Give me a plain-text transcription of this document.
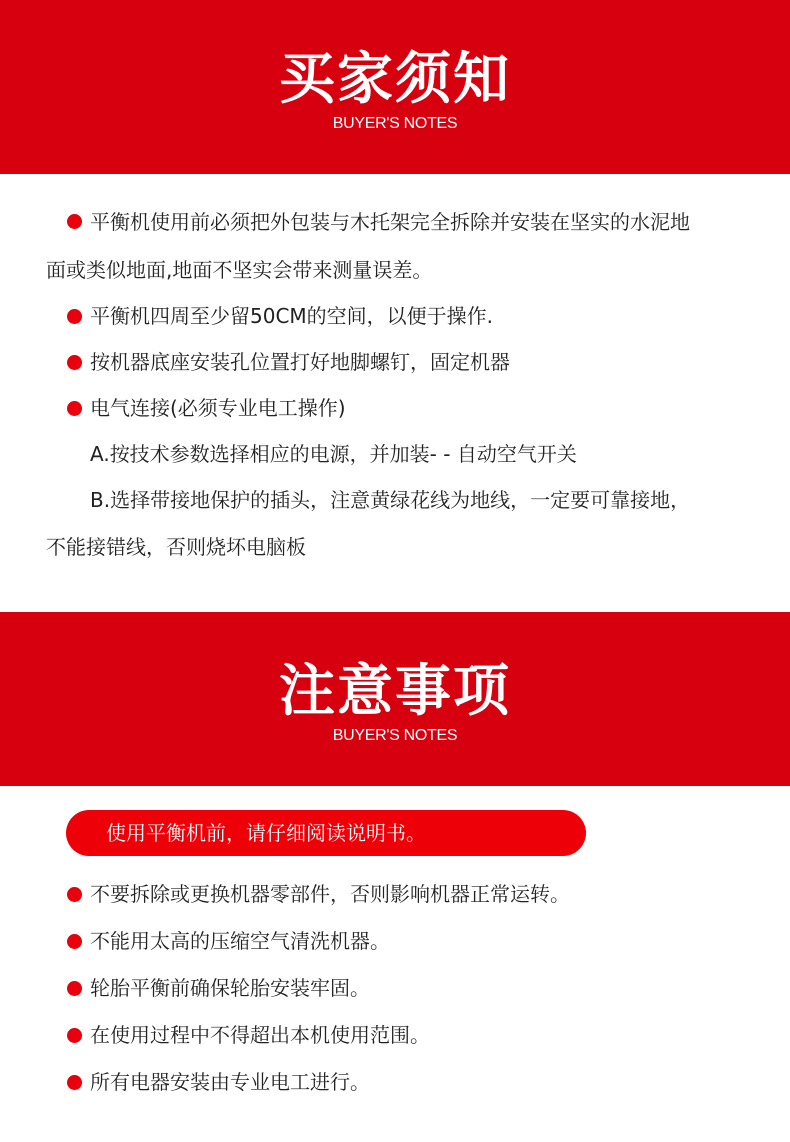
买家须知
BUYER'S NOTES
平衡机使用前必须把外包装与木托架完全拆除并安装在坚实的水泥地
面或类似地面,地面不坚实会带来测量误差。
平衡机四周至少留50CM的空间，以便于操作.
按机器底座安装孔位置打好地脚螺钉，固定机器
电气连接(必须专业电工操作)
A.按技术参数选择相应的电源，并加装- - 自动空气开关
B.选择带接地保护的插头，注意黄绿花线为地线，一定要可靠接地，
不能接错线，否则烧坏电脑板
注意事项
BUYER'S NOTES
使用平衡机前，请仔细阅读说明书。
不要拆除或更换机器零部件，否则影响机器正常运转。
不能用太高的压缩空气清洗机器。
轮胎平衡前确保轮胎安装牢固。
在使用过程中不得超出本机使用范围。
所有电器安装由专业电工进行。
